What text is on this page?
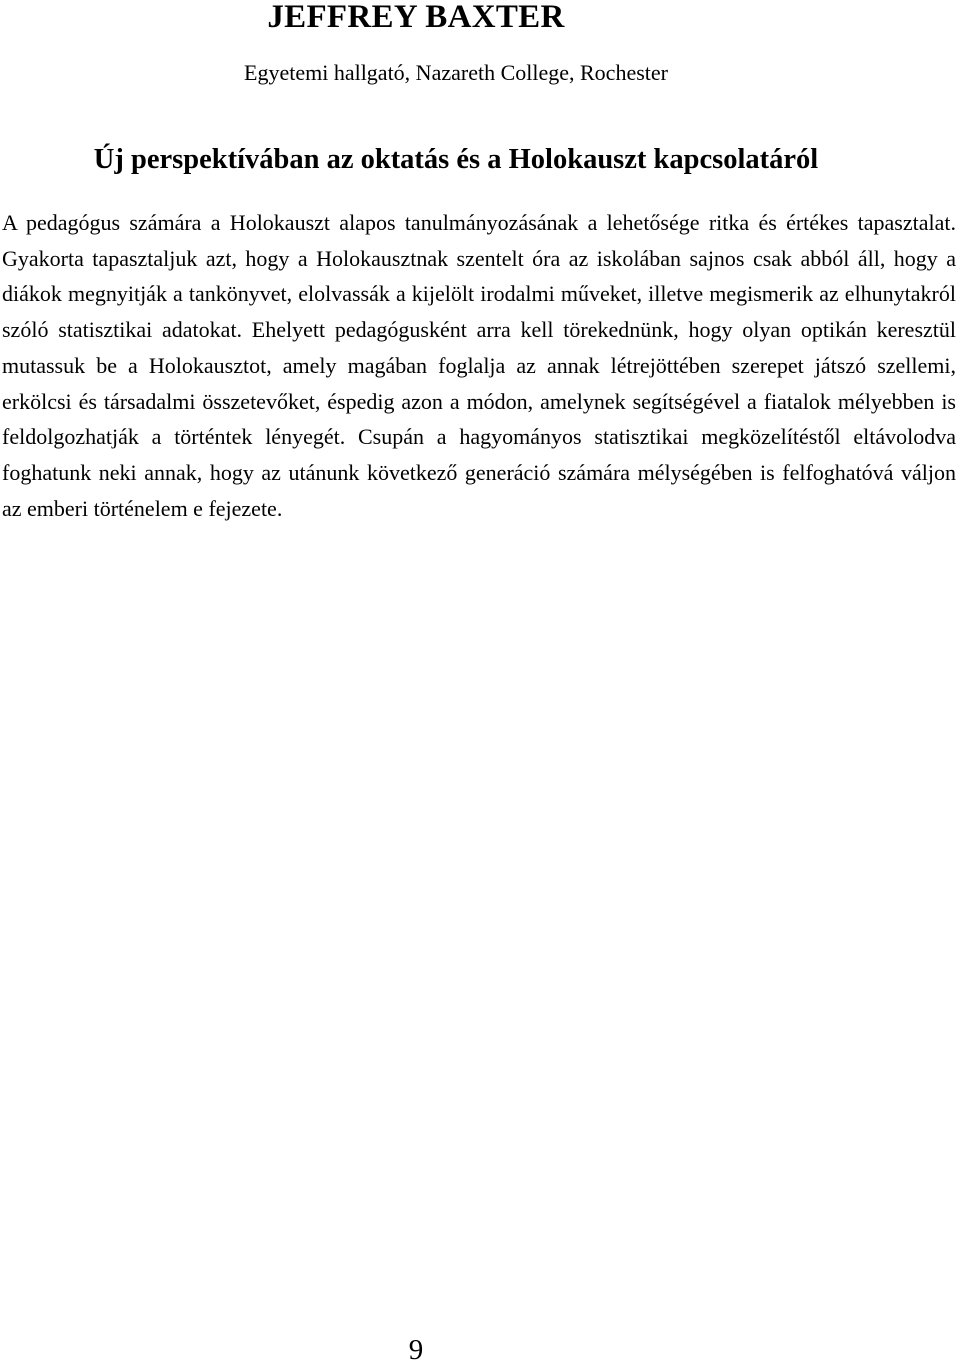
JEFFREY BAXTER

Egyetemi hallgató, Nazareth College, Rochester

Új perspektívában az oktatás és a Holokauszt kapcsolatáról

A pedagógus számára a Holokauszt alapos tanulmányozásának a lehetősége ritka és értékes tapasztalat. Gyakorta tapasztaljuk azt, hogy a Holokausztnak szentelt óra az iskolában sajnos csak abból áll, hogy a diákok megnyitják a tankönyvet, elolvassák a kijelölt irodalmi műveket, illetve megismerik az elhunytakról szóló statisztikai adatokat. Ehelyett pedagógusként arra kell törekednünk, hogy olyan optikán keresztül mutassuk be a Holokausztot, amely magában foglalja az annak létrejöttében szerepet játszó szellemi, erkölcsi és társadalmi összetevőket, éspedig azon a módon, amelynek segítségével a fiatalok mélyebben is feldolgozhatják a történtek lényegét. Csupán a hagyományos statisztikai megközelítéstől eltávolodva foghatunk neki annak, hogy az utánunk következő generáció számára mélységében is felfoghatóvá váljon az emberi történelem e fejezete.

9
